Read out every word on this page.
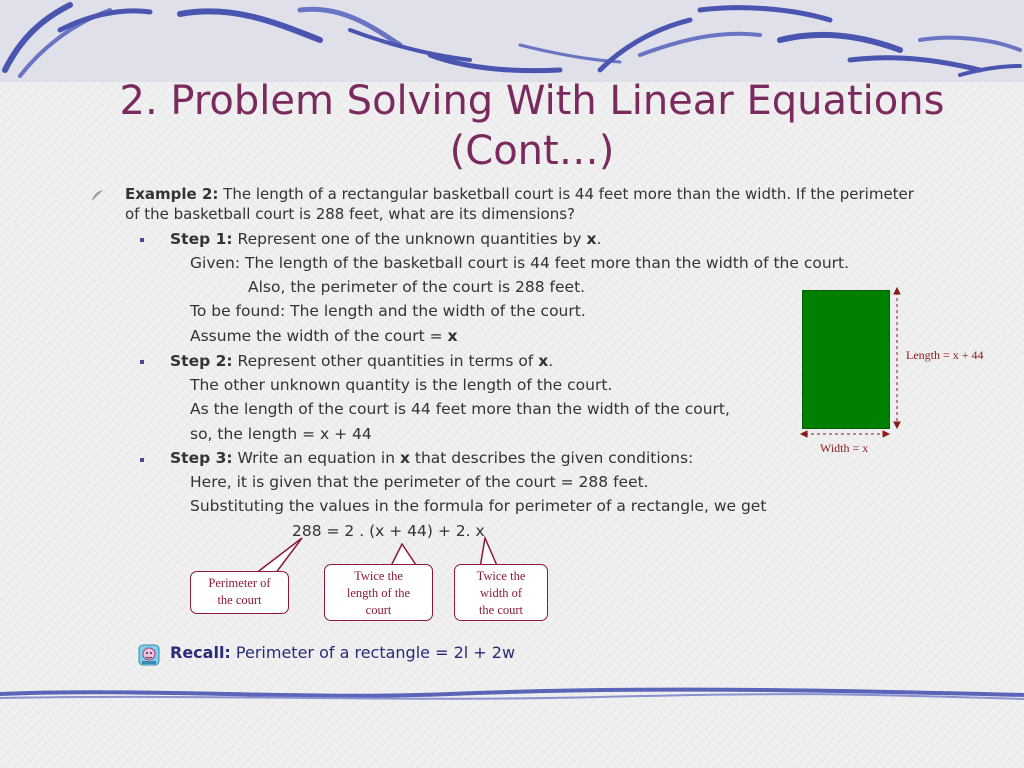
2. Problem Solving With Linear Equations
(Cont…)
Example 2: The length of a rectangular basketball court is 44 feet more than the width. If the perimeter of the basketball court is 288 feet, what are its dimensions?
Step 1: Represent one of the unknown quantities by x.
Given: The length of the basketball court is 44 feet more than the width of the court.
Also, the perimeter of the court is 288 feet.
To be found: The length and the width of the court.
Assume the width of the court = x
Step 2: Represent other quantities in terms of x.
The other unknown quantity is the length of the court.
As the length of the court is 44 feet more than the width of the court,
so, the length = x + 44
Step 3: Write an equation in x that describes the given conditions:
Here, it is given that the perimeter of the court = 288 feet.
Substituting the values in the formula for perimeter of a rectangle, we get
288 = 2 . (x + 44) + 2. x
Length = x + 44
Width = x
Perimeter of
the court
Twice the
length of the
court
Twice the
width of
the court
Recall: Perimeter of a rectangle = 2l + 2w
